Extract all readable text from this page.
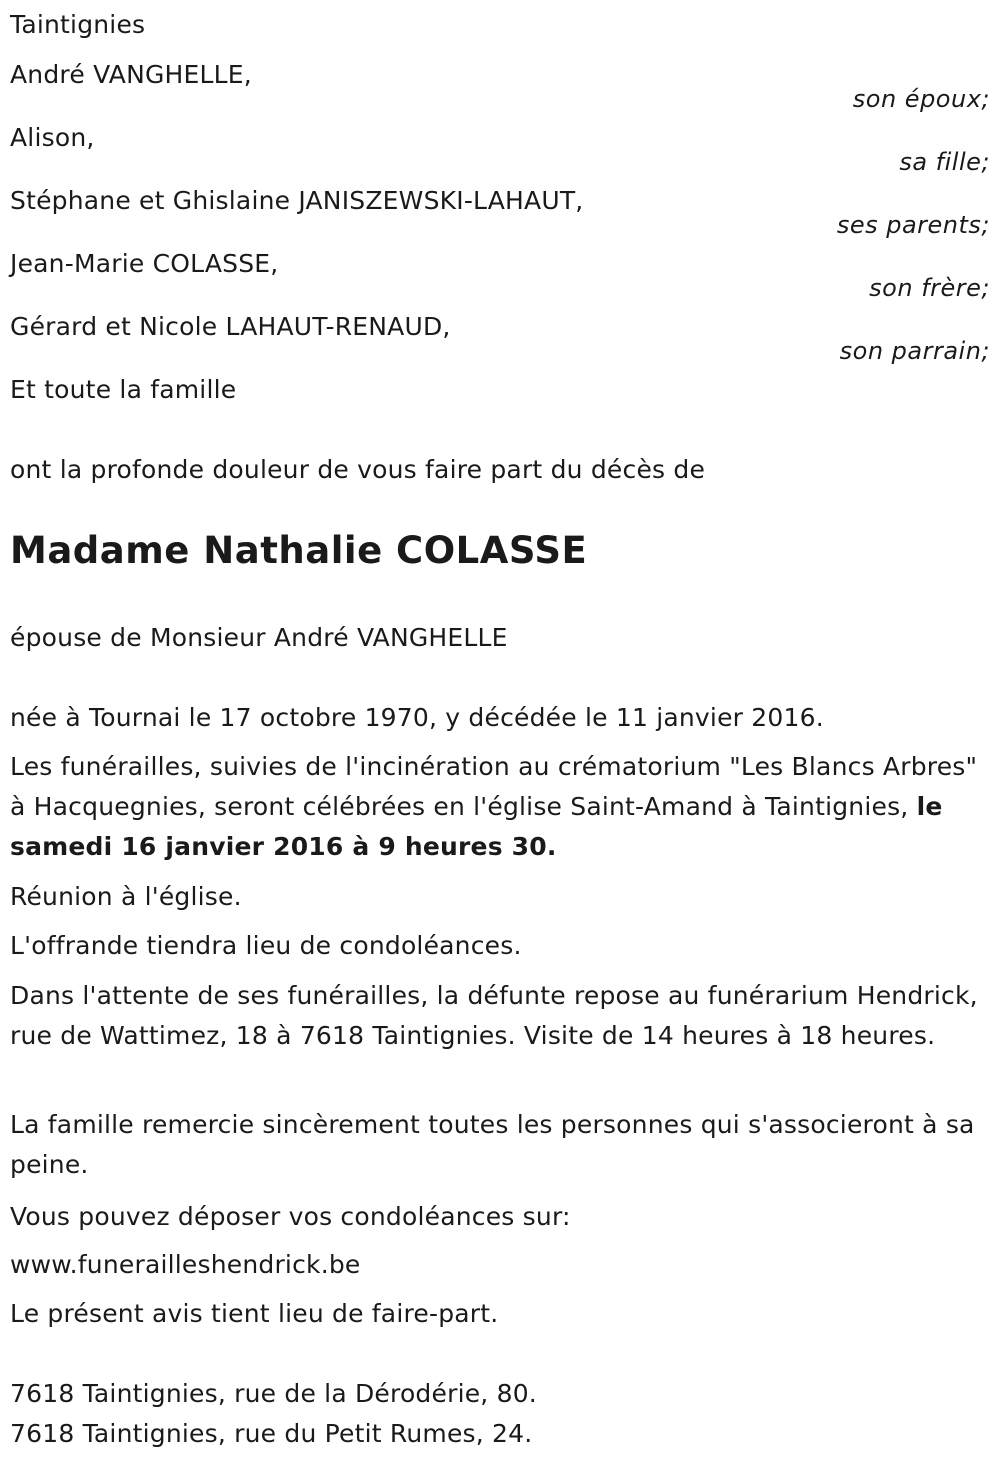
Taintignies

André VANGHELLE,

son époux;

Alison,

sa fille;

Stéphane et Ghislaine JANISZEWSKI-LAHAUT,

ses parents;

Jean-Marie COLASSE,

son frère;

Gérard et Nicole LAHAUT-RENAUD,

son parrain;

Et toute la famille

ont la profonde douleur de vous faire part du décès de

Madame Nathalie COLASSE

épouse de Monsieur André VANGHELLE

née à Tournai le 17 octobre 1970, y décédée le 11 janvier 2016.

Les funérailles, suivies de l'incinération au crématorium "Les Blancs Arbres" à Hacquegnies, seront célébrées en l'église Saint-Amand à Taintignies, le samedi 16 janvier 2016 à 9 heures 30.

Réunion à l'église.

L'offrande tiendra lieu de condoléances.

Dans l'attente de ses funérailles, la défunte repose au funérarium Hendrick, rue de Wattimez, 18 à 7618 Taintignies. Visite de 14 heures à 18 heures.

La famille remercie sincèrement toutes les personnes qui s'associeront à sa peine.

Vous pouvez déposer vos condoléances sur:

www.funerailleshendrick.be

Le présent avis tient lieu de faire-part.

7618 Taintignies, rue de la Dérodérie, 80.

7618 Taintignies, rue du Petit Rumes, 24.
